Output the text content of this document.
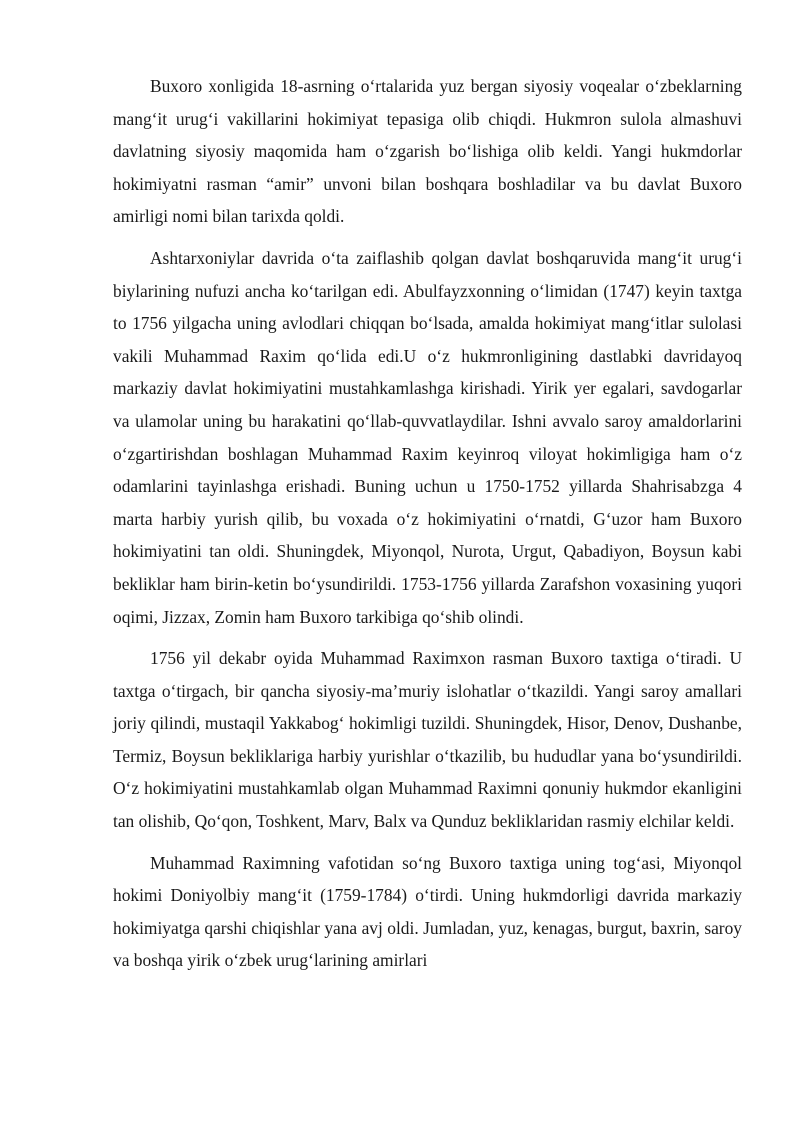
Buxoro xonligida 18-asrning o‘rtalarida yuz bergan siyosiy voqealar o‘zbeklarning mang‘it urug‘i vakillarini hokimiyat tepasiga olib chiqdi. Hukmron sulola almashuvi davlatning siyosiy maqomida ham o‘zgarish bo‘lishiga olib keldi. Yangi hukmdorlar hokimiyatni rasman “amir” unvoni bilan boshqara boshladilar va bu davlat Buxoro amirligi nomi bilan tarixda qoldi.

Ashtarxoniylar davrida o‘ta zaiflashib qolgan davlat boshqaruvida mang‘it urug‘i biylarining nufuzi ancha ko‘tarilgan edi. Abulfayzxonning o‘limidan (1747) keyin taxtga to 1756 yilgacha uning avlodlari chiqqan bo‘lsada, amalda hokimiyat mang‘itlar sulolasi vakili Muhammad Raxim qo‘lida edi.U o‘z hukmronligining dastlabki davridayoq markaziy davlat hokimiyatini mustahkamlashga kirishadi. Yirik yer egalari, savdogarlar va ulamolar uning bu harakatini qo‘llab-quvvatlaydilar. Ishni avvalo saroy amaldorlarini o‘zgartirishdan boshlagan Muhammad Raxim keyinroq viloyat hokimligiga ham o‘z odamlarini tayinlashga erishadi. Buning uchun u 1750-1752 yillarda Shahrisabzga 4 marta harbiy yurish qilib, bu voxada o‘z hokimiyatini o‘rnatdi, G‘uzor ham Buxoro hokimiyatini tan oldi. Shuningdek, Miyonqol, Nurota, Urgut, Qabadiyon, Boysun kabi bekliklar ham birin-ketin bo‘ysundirildi. 1753-1756 yillarda Zarafshon voxasining yuqori oqimi, Jizzax, Zomin ham Buxoro tarkibiga qo‘shib olindi.

1756 yil dekabr oyida Muhammad Raximxon rasman Buxoro taxtiga o‘tiradi. U taxtga o‘tirgach, bir qancha siyosiy-ma’muriy islohatlar o‘tkazildi. Yangi saroy amallari joriy qilindi, mustaqil Yakkabog‘ hokimligi tuzildi. Shuningdek, Hisor, Denov, Dushanbe, Termiz, Boysun bekliklariga harbiy yurishlar o‘tkazilib, bu hududlar yana bo‘ysundirildi. O‘z hokimiyatini mustahkamlab olgan Muhammad Raximni qonuniy hukmdor ekanligini tan olishib, Qo‘qon, Toshkent, Marv, Balx va Qunduz bekliklaridan rasmiy elchilar keldi.

Muhammad Raximning vafotidan so‘ng Buxoro taxtiga uning tog‘asi, Miyonqol hokimi Doniyolbiy mang‘it (1759-1784) o‘tirdi. Uning hukmdorligi davrida markaziy hokimiyatga qarshi chiqishlar yana avj oldi. Jumladan, yuz, kenagas, burgut, baxrin, saroy va boshqa yirik o‘zbek urug‘larining amirlari
